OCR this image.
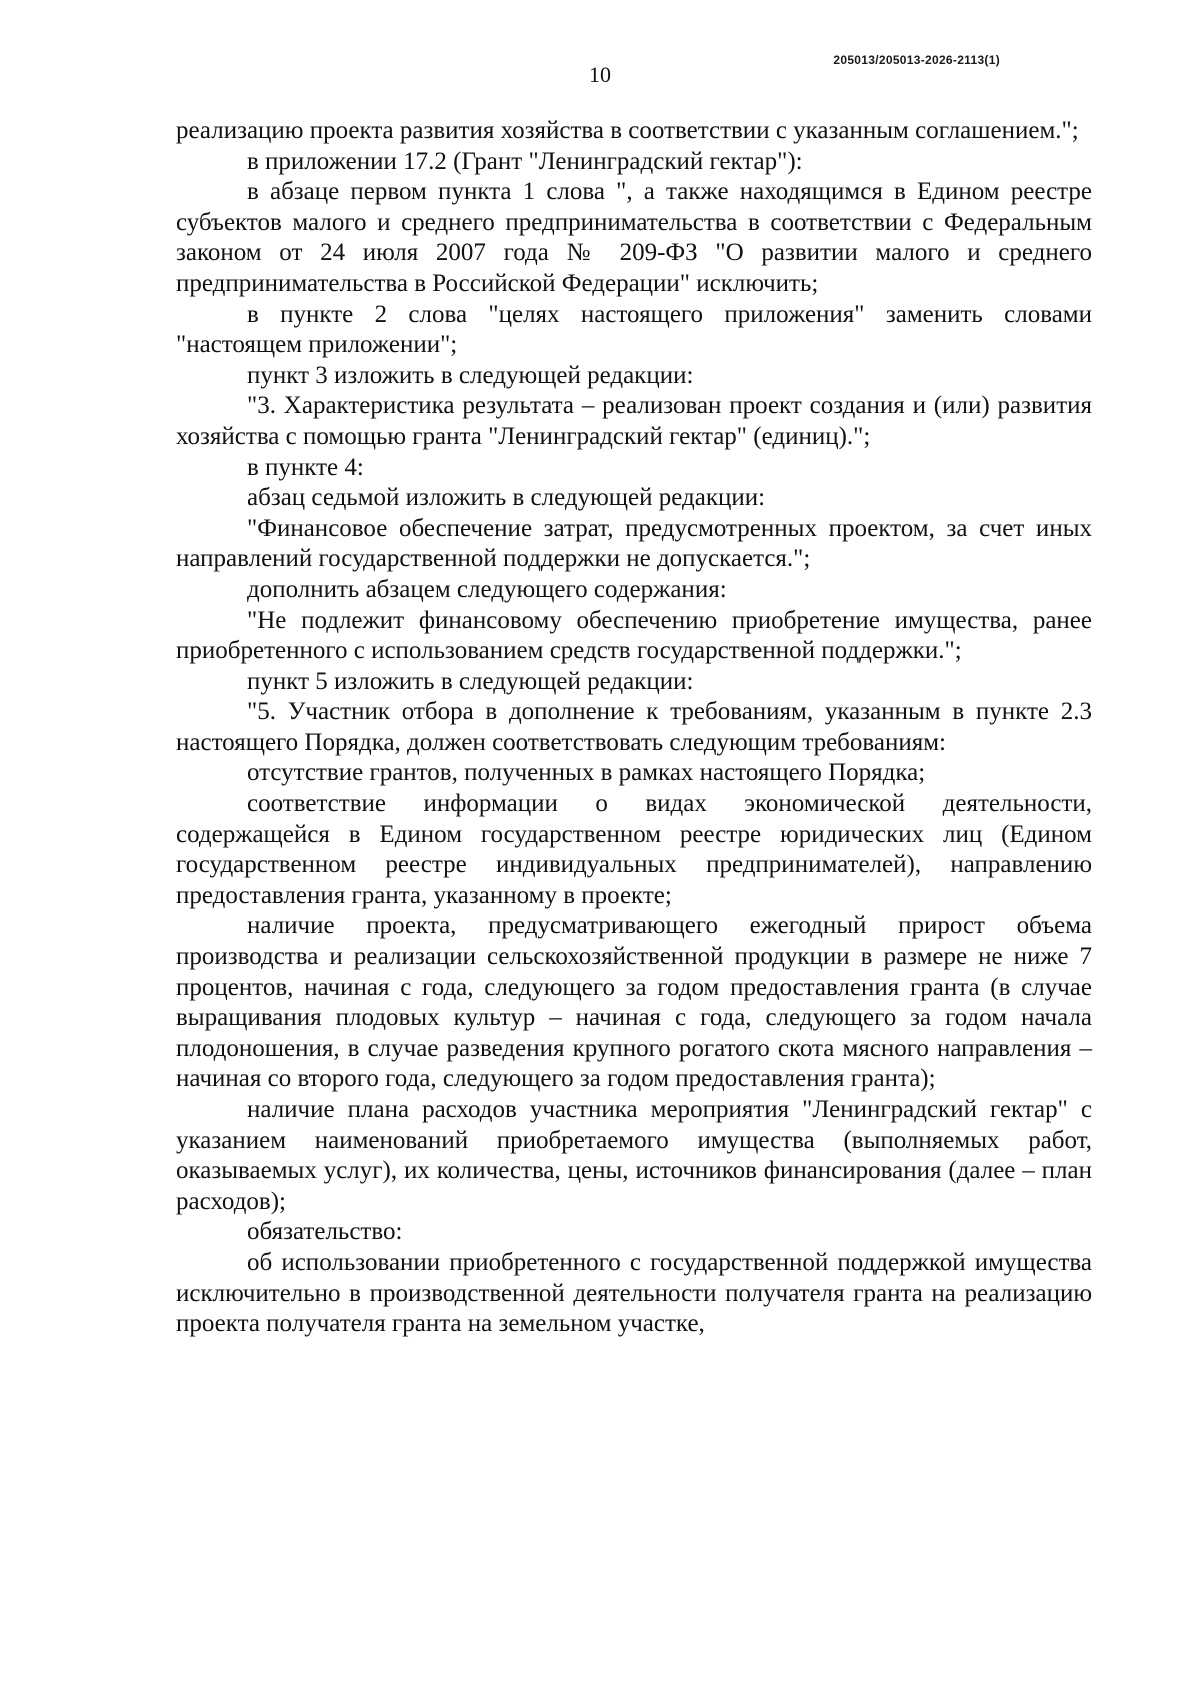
205013/205013-2026-2113(1)
10

реализацию проекта развития хозяйства в соответствии с указанным соглашением.";

в приложении 17.2 (Грант "Ленинградский гектар"):

в абзаце первом пункта 1 слова ", а также находящимся в Едином реестре субъектов малого и среднего предпринимательства в соответствии с Федеральным законом от 24 июля 2007 года № 209-ФЗ "О развитии малого и среднего предпринимательства в Российской Федерации" исключить;

в пункте 2 слова "целях настоящего приложения" заменить словами "настоящем приложении";

пункт 3 изложить в следующей редакции:

"3. Характеристика результата – реализован проект создания и (или) развития хозяйства с помощью гранта "Ленинградский гектар" (единиц).";

в пункте 4:

абзац седьмой изложить в следующей редакции:

"Финансовое обеспечение затрат, предусмотренных проектом, за счет иных направлений государственной поддержки не допускается.";

дополнить абзацем следующего содержания:

"Не подлежит финансовому обеспечению приобретение имущества, ранее приобретенного с использованием средств государственной поддержки.";

пункт 5 изложить в следующей редакции:

"5. Участник отбора в дополнение к требованиям, указанным в пункте 2.3 настоящего Порядка, должен соответствовать следующим требованиям:

отсутствие грантов, полученных в рамках настоящего Порядка;

соответствие информации о видах экономической деятельности, содержащейся в Едином государственном реестре юридических лиц (Едином государственном реестре индивидуальных предпринимателей), направлению предоставления гранта, указанному в проекте;

наличие проекта, предусматривающего ежегодный прирост объема производства и реализации сельскохозяйственной продукции в размере не ниже 7 процентов, начиная с года, следующего за годом предоставления гранта (в случае выращивания плодовых культур – начиная с года, следующего за годом начала плодоношения, в случае разведения крупного рогатого скота мясного направления – начиная со второго года, следующего за годом предоставления гранта);

наличие плана расходов участника мероприятия "Ленинградский гектар" с указанием наименований приобретаемого имущества (выполняемых работ, оказываемых услуг), их количества, цены, источников финансирования (далее – план расходов);

обязательство:

об использовании приобретенного с государственной поддержкой имущества исключительно в производственной деятельности получателя гранта на реализацию проекта получателя гранта на земельном участке,
